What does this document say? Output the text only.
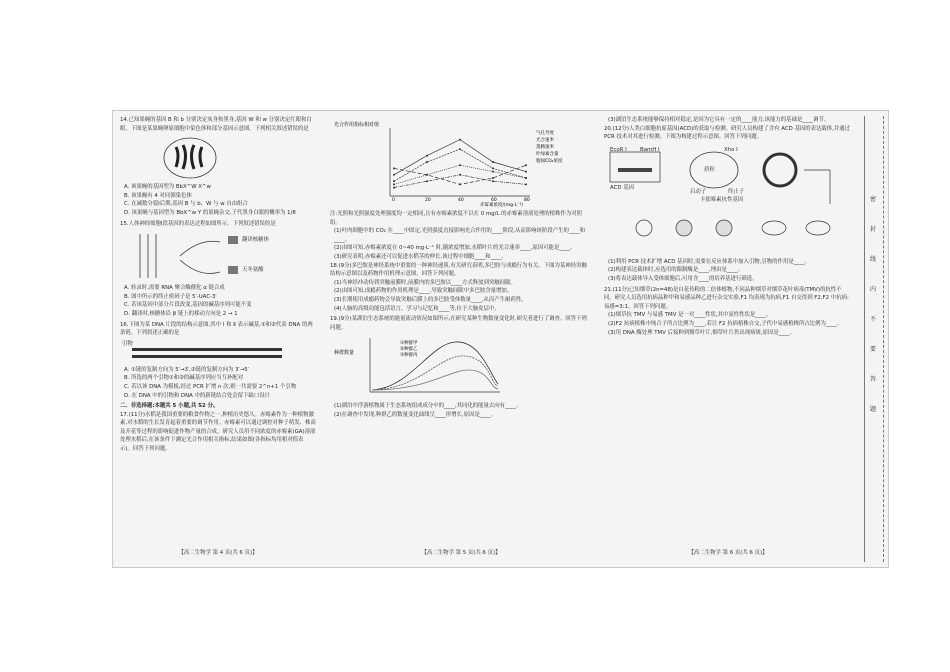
14.已知果蝇的基因 B 和 b 分别决定灰身和黑身,基因 W 和 w 分别决定红眼和白眼。下图是某果蝇卵原细胞中染色体和部分基因示意图。下列相关叙述错误的是
A. 该果蝇的基因型为 BbX^W X^w
B. 该果蝇有 4 对同源染色体
C. 在减数分裂Ⅰ后期,基因 B 与 b、W 与 w 自由组合
D. 该果蝇与基因型为 BbX^w Y 的果蝇杂交,子代黑身白眼的概率为 1/8
15.人体神经细胞Ⅰ段基因的表达过程如图所示。下列叙述错误的是
翻译核糖体
天冬氨酸
A. 转录时,需要 RNA 聚合酶催化 α 链合成
B. 图中所示的终止密码子是 5′-UAC-3′
C. 若该基因中部分片段改变,基因的碱基序列可能不变
D. 翻译时,核糖体沿 β 链上的移动方向是 2 → 1
16.下图为某 DNA 片段的结构示意图,其中 Ⅰ 和 Ⅱ 表示碱基,①和②代表 DNA 的两条链。下列叙述正确的是
引物
A. ①链的复制方向为 5′→3′,②链的复制方向为 3′→5′
B. 所选的两个引物①和②的碱基序列应当互补配对
C. 若以该 DNA 为模板,经过 PCR 扩增 n 次,则一共需要 2^n+1 个引物
D. 在 DNA 中的引物和 DNA 中的新链结合处会留下缺口设计
二、非选择题:本题共 5 小题,共 52 分。
17.(11分)水稻是我国重要的粮食作物之一,种植历史悠久。赤霉素作为一种植物激素,对水稻的生长发育起着重要的调节作用。赤霉素可以通过调控对种子萌发、株高及开花等过程的影响促进作物产量的合成。研究人员用不同浓度的赤霉素(GA)溶液处理水稻后,在该条件下测定光合作用相关指标,结果如图(各指标均用相对值表示)。回答下列问题。
【高二生物学 第 4 页(共 6 页)】
光合作用指标相对值
赤霉素浓度/(mg·L⁻¹)
0	20	40	60	80
气孔导度
光合速率
蒸腾速率
叶绿素含量
胞间CO₂浓度
注:光照和光照强度处理强度均一定相同,且有赤霉素浓度不以在 0 mg/L 的赤霉素溶液处理的植株作为对照组。
(1)叶肉细胞中的 CO₂ 在____中固定,光照强度直接影响光合作用的____阶段,从而影响该阶段产生的____和____。
(2)由图可知,赤霉素浓度在 0~40 mg·L⁻¹ 时,随浓度增加,水稻叶片的光合速率____,原因可能是____。
(3)研究表明,赤霉素还可以促进水稻茎的伸长,该过程中细胞____和____。
18.(9分)多巴胺是神经系统中重要的一种神经递质,有关研究表明,多巴胺与成瘾行为有关。下图为某神经突触结构示意图以及药物作用机理示意图。回答下列问题。
(1)当神经冲动传到突触前膜时,前膜内的多巴胺以____方式释放到突触间隙。
(2)由图可知,成瘾药物的作用机理是____,导致突触间隙中多巴胺含量增加。
(3)长期使用成瘾药物会导致突触后膜上的多巴胺受体数量____,从而产生耐药性。
(4)人脑的高级功能包括语言、学习与记忆和____等,位于大脑皮层中。
19.(9分)某湖泊生态系统的能量流动情况如图所示,在研究某种生物数量变化时,研究者进行了调查。回答下列问题。
种群数量
①种群甲
②种群乙
③种群丙
(1)湖泊中浮游植物属于生态系统组成成分中的____,其同化的能量去向有____。
(2)在调查中发现,种群乙的数量变化曲线呈____形增长,原因是____。
【高二生物学 第 5 页(共 6 页)】
(3)湖泊生态系统能够保持相对稳定,是因为它具有一定的____能力,该能力的基础是____调节。
20.(12分)人类白细胞抗原基因(ACD)的获取与检测。研究人员构建了含有 ACD 基因的表达载体,并通过 PCR 技术对其进行检测。下图为构建过程示意图。回答下列问题。
质粒
ACD 基因
EcoR Ⅰ BamH Ⅰ	Xho Ⅰ
启动子	终止子
卡那霉素抗性基因
(1)利用 PCR 技术扩增 ACD 基因时,需要在反应体系中加入引物,引物的作用是____。
(2)构建表达载体时,应选用的限制酶是____,理由是____。
(3)将表达载体导入受体细胞后,可用含____的培养基进行筛选。
21.(11分)已知烟草(2n=48)是自花传粉的二倍体植物,不同品种烟草对烟草花叶病毒(TMV)的抗性不同。研究人员选用抗病品种甲和易感品种乙进行杂交实验,F1 均表现为抗病,F1 自交得到 F2,F2 中抗病:易感=3:1。回答下列问题。
(1)烟草抗 TMV 与易感 TMV 是一对____性状,其中显性性状是____。
(2)F2 抗病植株中纯合子所占比例为____,若让 F2 抗病植株自交,子代中易感植株所占比例为____。
(3)用 DNA 酶处理 TMV 后接种到烟草叶片,烟草叶片仍出现病斑,原因是____。
【高二生物学 第 6 页(共 6 页)】
密
封
线
内
不
要
答
题
